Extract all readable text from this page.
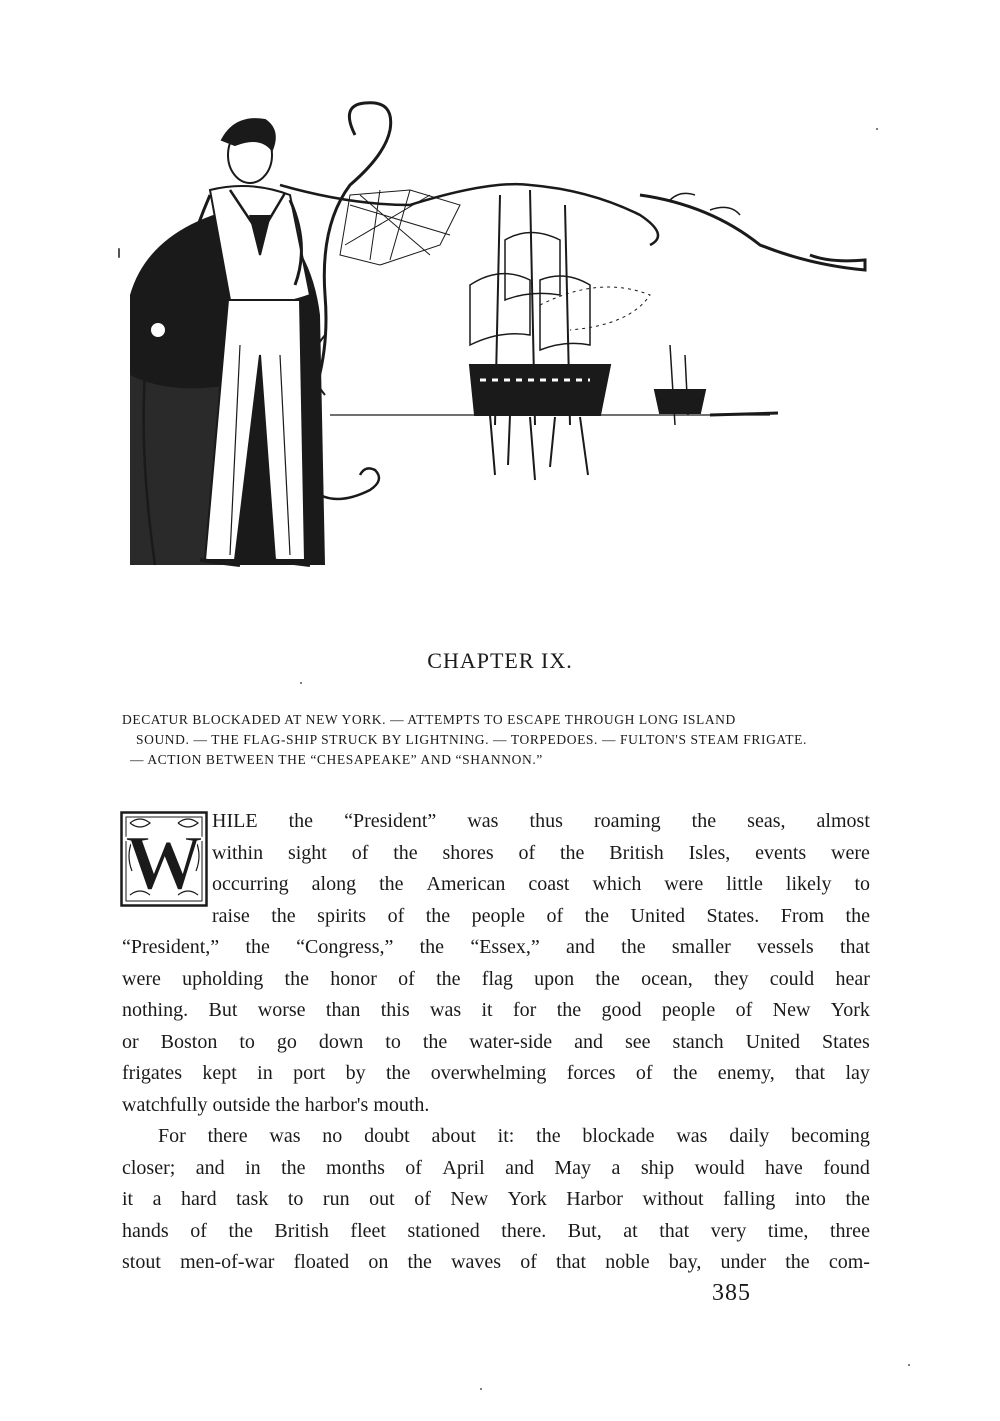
CHAPTER IX.
DECATUR BLOCKADED AT NEW YORK. — ATTEMPTS TO ESCAPE THROUGH LONG ISLAND
SOUND. — THE FLAG-SHIP STRUCK BY LIGHTNING. — TORPEDOES. — FULTON'S STEAM FRIGATE.
— ACTION BETWEEN THE “CHESAPEAKE” AND “SHANNON.”
W HILE the “President” was thus roaming the seas, almost
within sight of the shores of the British Isles, events were
occurring along the American coast which were little likely to
raise the spirits of the people of the United States. From the
“President,” the “Congress,” the “Essex,” and the smaller vessels that
were upholding the honor of the flag upon the ocean, they could hear
nothing. But worse than this was it for the good people of New York
or Boston to go down to the water-side and see stanch United States
frigates kept in port by the overwhelming forces of the enemy, that lay
watchfully outside the harbor's mouth.
For there was no doubt about it: the blockade was daily becoming
closer; and in the months of April and May a ship would have found
it a hard task to run out of New York Harbor without falling into the
hands of the British fleet stationed there. But, at that very time, three
stout men-of-war floated on the waves of that noble bay, under the com-
385
